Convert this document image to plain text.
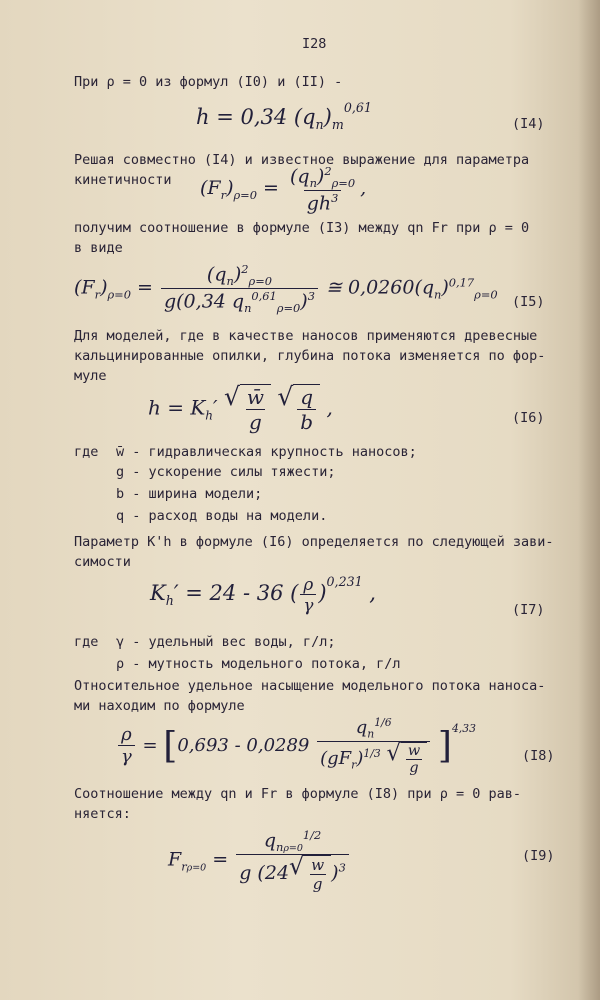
I28
При ρ = 0 из формул (I0) и (II) -
h = 0,34 $(q_n)_m^{0,61}$
(I4)
Решая совместно (I4) и известное выражение для параметра
кинетичности $(F_r)_{\rho=0} = \frac{(q_n)^2_{\rho=0}}{gh^3}$ ,
получим соотношение в формуле (I3) между qn Fr при ρ = 0
в виде
$(F_r)_{\rho=0} = \frac{(q_n)^2_{\rho=0}}{g(0,34 q_n^{0,61}_{\rho=0})^3}$ ≅ $0,0260(q_n)^{0,17}_{\rho=0}$ (I5)
Для моделей, где в качестве наносов применяются древесные
кальцинированные опилки, глубина потока изменяется по фор-
муле
$h = K_h'$ √ $\frac{w̄}{g}$
√ $\frac{q}{b}$ ,	(I6)
где w̄ - гидравлическая крупность наносов;
g - ускорение силы тяжести;
b - ширина модели;
q - расход воды на модели.
Параметр K'h в формуле (I6) определяется по следующей зави-
симости
$K_h' = 24 - 36$ ( $\frac{\rho}{\gamma} )^{0,231}$ ,
(I7)
где γ - удельный вес воды, г/л;
ρ - мутность модельного потока, г/л
Относительное удельное насыщение модельного потока наноса-
ми находим по формуле
$\frac{\rho}{\gamma} = [0,693 - 0,0289 \frac{q_n^{1/6}}{(gF_r)^{1/3} √ \frac{w}{g}} ]^{4,33}$
(I8)
Соотношение между qn и Fr в формуле (I8) при ρ = 0 рав-
няется:
$F_{r\rho=0} = \frac{q_{n\rho=0}^{1/2}}{g (24 √ \frac{w}{g} )^3}$	(I9)
